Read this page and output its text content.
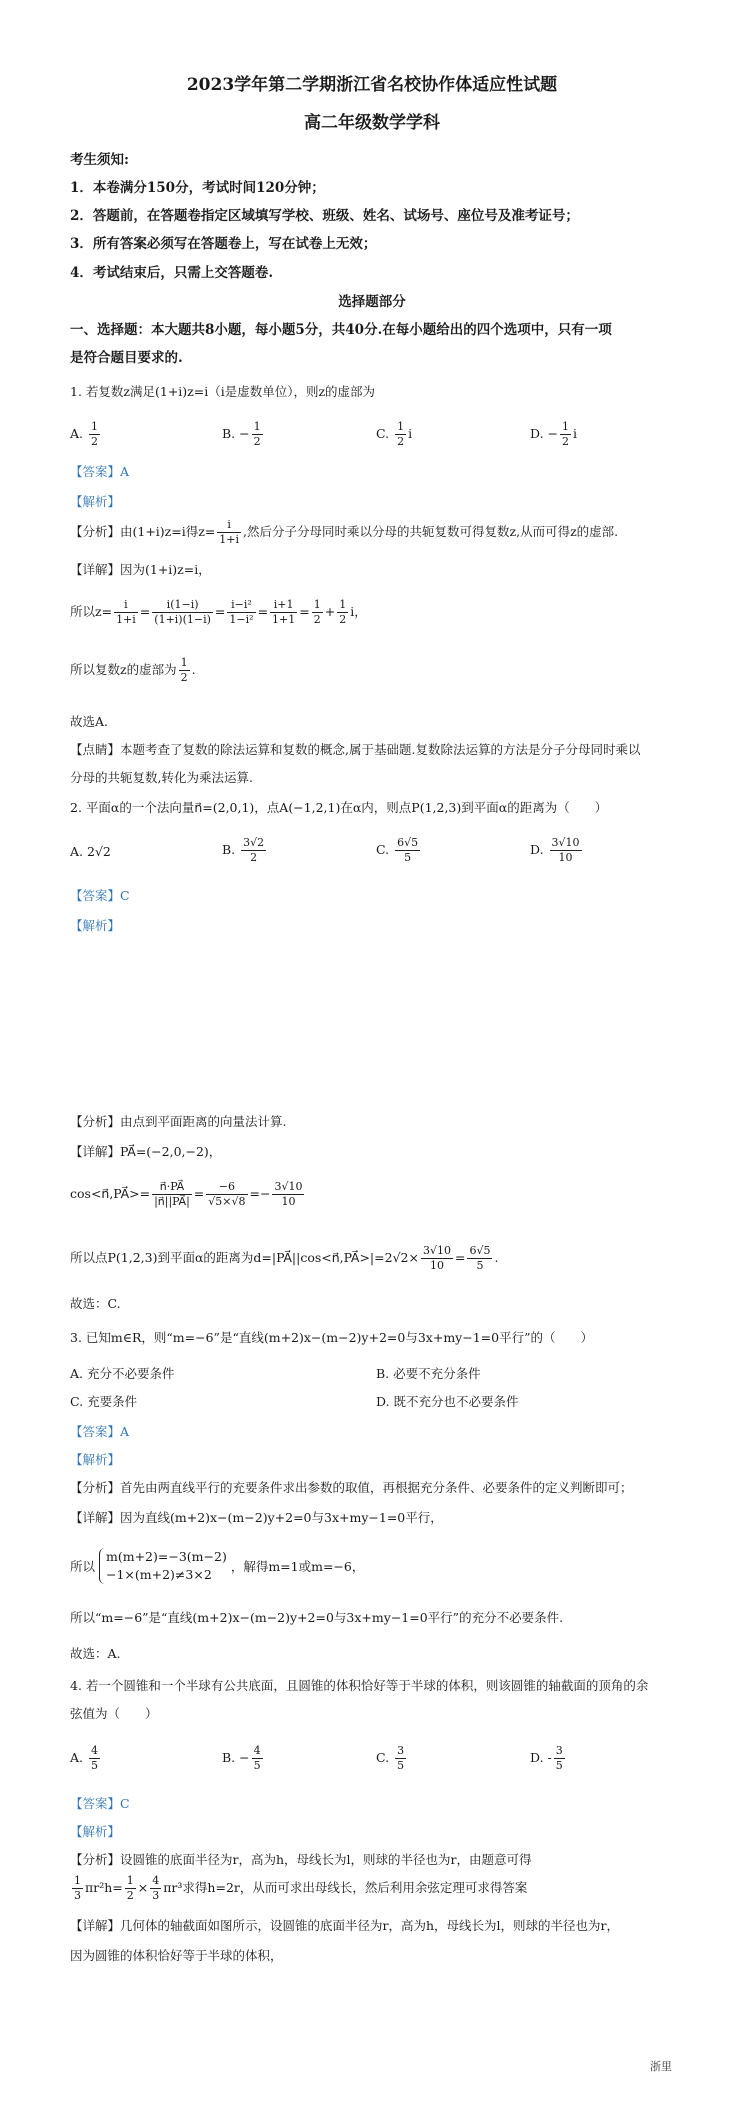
2023学年第二学期浙江省名校协作体适应性试题
高二年级数学学科
考生须知:
1．本卷满分150分，考试时间120分钟；
2．答题前，在答题卷指定区域填写学校、班级、姓名、试场号、座位号及准考证号；
3．所有答案必须写在答题卷上，写在试卷上无效；
4．考试结束后，只需上交答题卷.
选择题部分
一、选择题：本大题共8小题，每小题5分，共40分.在每小题给出的四个选项中，只有一项
是符合题目要求的.
1. 若复数z满足(1+i)z=i（i是虚数单位），则z的虚部为
A. $\frac{1}{2}$	B. − $\frac{1}{2}$	C. $\frac{1}{2}$ i	D. − $\frac{1}{2}$ i
【答案】A
【解析】
【分析】由(1+i)z=i得$z= \frac{i}{1+i}$ ,然后分子分母同时乘以分母的共轭复数可得复数z,从而可得z的虚部.
【详解】因为(1+i)z=i，
所以$z= \frac{i}{1+i} = \frac{i(1-i)}{(1+i)(1-i)} = \frac{\text{i−i²}}{\text{1−i²}} = \frac{i+1}{1+1} = \frac{1}{2} + \frac{1}{2}$ i，
所以复数z的虚部为 $\frac{1}{2}$ .
故选A.
【点睛】本题考查了复数的除法运算和复数的概念,属于基础题.复数除法运算的方法是分子分母同时乘以
分母的共轭复数,转化为乘法运算.
2. 平面α的一个法向量n⃗=(2,0,1)，点A(−1,2,1)在α内，则点P(1,2,3)到平面α的距离为（　　）
A. 2√2	B. $\frac{3√2}{2}$	C. $\frac{6√5}{5}$	D. $\frac{3√10}{10}$
【答案】C
【解析】
【分析】由点到平面距离的向量法计算.
【详解】PA⃗=(−2,0,−2)，
cos<n⃗,PA⃗>= $\frac{n⃗\cdot PA⃗}{|n⃗||PA⃗|} = \frac{-6}{√5\times√8} =- \frac{3√10}{10}$
所以点P(1,2,3)到平面α的距离为d=|PA⃗||cos<n⃗,PA⃗>|=2√2× $\frac{3√10}{10} = \frac{6√5}{5}$ .
故选：C.
3. 已知m∈R，则“m=−6”是“直线(m+2)x−(m−2)y+2=0与3x+my−1=0平行”的（　　）
A. 充分不必要条件	B. 必要不充分条件
C. 充要条件	D. 既不充分也不必要条件
【答案】A
【解析】
【分析】首先由两直线平行的充要条件求出参数的取值，再根据充分条件、必要条件的定义判断即可；
【详解】因为直线(m+2)x−(m−2)y+2=0与3x+my−1=0平行，
所以
m(m+2)=−3(m−2)
−1×(m+2)≠3×2
，解得m=1或m=−6，
所以“m=−6”是“直线(m+2)x−(m−2)y+2=0与3x+my−1=0平行”的充分不必要条件.
故选：A.
4. 若一个圆锥和一个半球有公共底面，且圆锥的体积恰好等于半球的体积，则该圆锥的轴截面的顶角的余
弦值为（　　）
A. $\frac{4}{5}$	B. − $\frac{4}{5}$	C. $\frac{3}{5}$	D. - $\frac{3}{5}$
【答案】C
【解析】
【分析】设圆锥的底面半径为r，高为h，母线长为l，则球的半径也为r，由题意可得
$\frac{1}{3} \pi r^2h= \frac{1}{2} \times \frac{4}{3} \pi r^3$求得h=2r，从而可求出母线长，然后利用余弦定理可求得答案
【详解】几何体的轴截面如图所示，设圆锥的底面半径为r，高为h，母线长为l，则球的半径也为r，
因为圆锥的体积恰好等于半球的体积，
浙里
